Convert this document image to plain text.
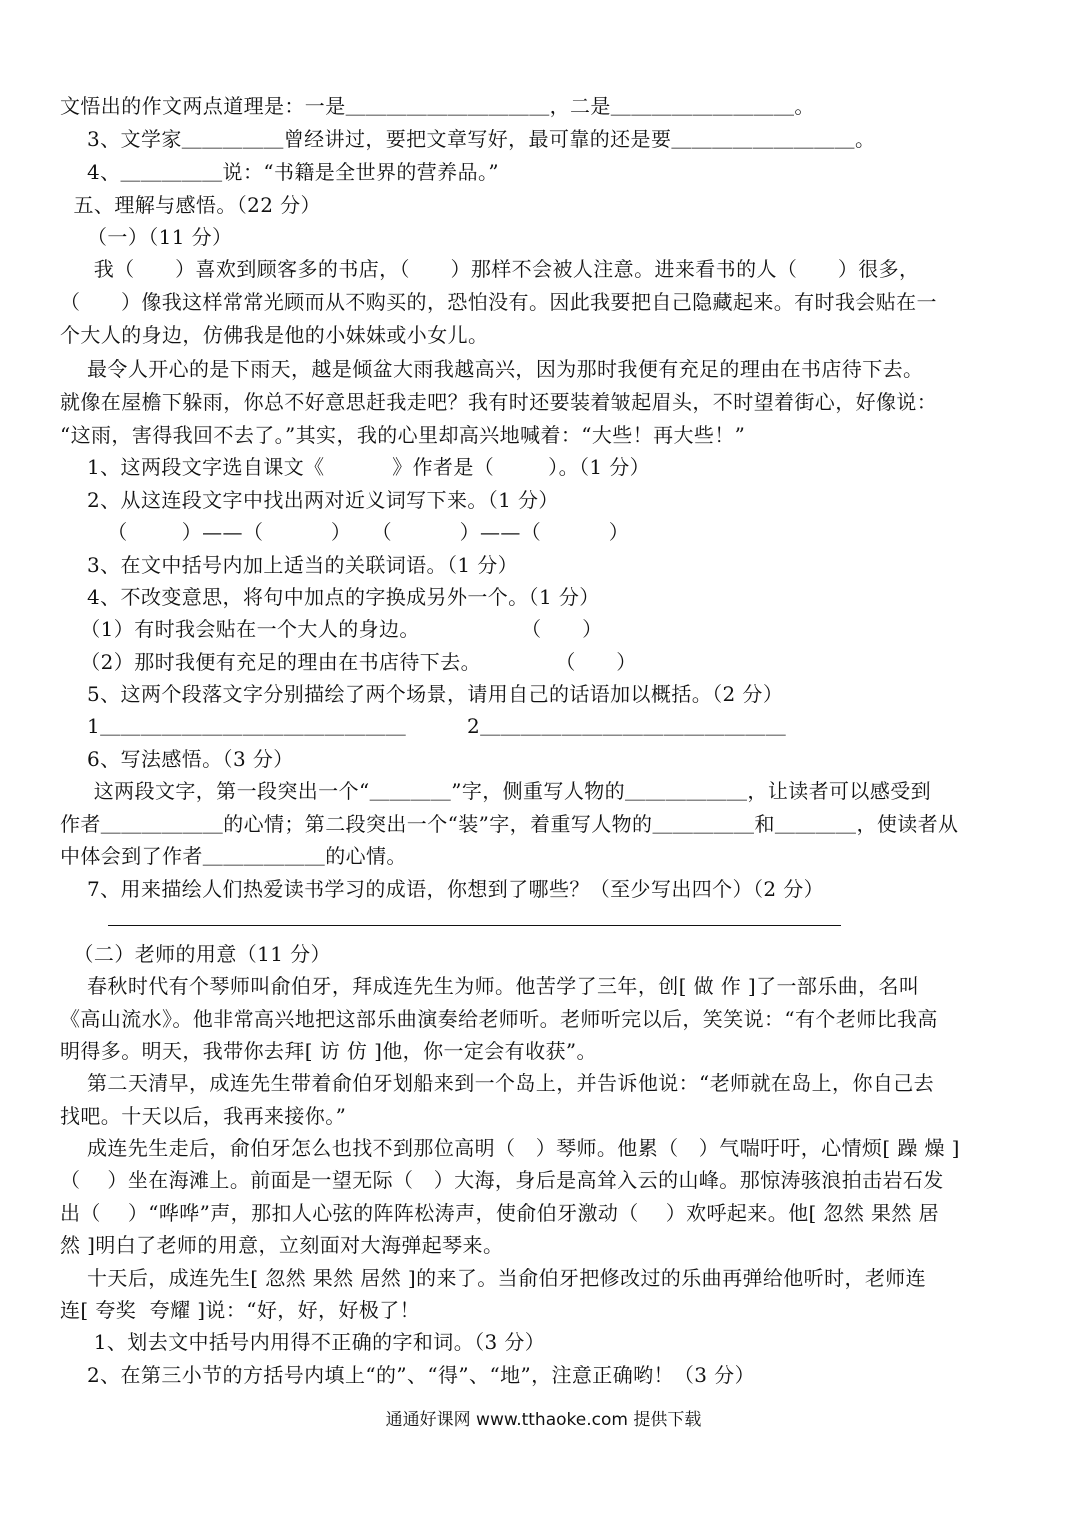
文悟出的作文两点道理是：一是＿＿＿＿＿＿＿＿＿＿，二是＿＿＿＿＿＿＿＿＿。
3、文学家＿＿＿＿＿曾经讲过，要把文章写好，最可靠的还是要＿＿＿＿＿＿＿＿＿。
4、＿＿＿＿＿说：“书籍是全世界的营养品。”
五、理解与感悟。（22 分）
（一）（11 分）
我（      ）喜欢到顾客多的书店，（      ）那样不会被人注意。进来看书的人（      ）很多，
（      ）像我这样常常光顾而从不购买的，恐怕没有。因此我要把自己隐藏起来。有时我会贴在一
个大人的身边，仿佛我是他的小妹妹或小女儿。
最令人开心的是下雨天，越是倾盆大雨我越高兴，因为那时我便有充足的理由在书店待下去。
就像在屋檐下躲雨，你总不好意思赶我走吧？我有时还要装着皱起眉头，不时望着街心，好像说：
“这雨，害得我回不去了。”其实，我的心里却高兴地喊着：“大些！再大些！”
1、这两段文字选自课文《          》作者是（        ）。（1 分）
2、从这连段文字中找出两对近义词写下来。（1 分）
（        ）——（          ）   （          ）——（          ）
3、在文中括号内加上适当的关联词语。（1 分）
4、不改变意思，将句中加点的字换成另外一个。（1 分）
（1）有时我会贴在一个大人的身边。               （      ）
（2）那时我便有充足的理由在书店待下去。           （      ）
5、这两个段落文字分别描绘了两个场景，请用自己的话语加以概括。（2 分）
1＿＿＿＿＿＿＿＿＿＿＿＿＿＿＿         2＿＿＿＿＿＿＿＿＿＿＿＿＿＿＿
6、写法感悟。（3 分）
这两段文字，第一段突出一个“＿＿＿＿”字，侧重写人物的＿＿＿＿＿＿，让读者可以感受到
作者＿＿＿＿＿＿的心情；第二段突出一个“装”字，着重写人物的＿＿＿＿＿和＿＿＿＿，使读者从
中体会到了作者＿＿＿＿＿＿的心情。
7、用来描绘人们热爱读书学习的成语，你想到了哪些？（至少写出四个）（2 分）
（二）老师的用意（11 分）
春秋时代有个琴师叫俞伯牙，拜成连先生为师。他苦学了三年，创[ 做 作 ]了一部乐曲，名叫
《高山流水》。他非常高兴地把这部乐曲演奏给老师听。老师听完以后，笑笑说：“有个老师比我高
明得多。明天，我带你去拜[ 访 仿 ]他，你一定会有收获”。
第二天清早，成连先生带着俞伯牙划船来到一个岛上，并告诉他说：“老师就在岛上，你自己去
找吧。十天以后，我再来接你。”
成连先生走后，俞伯牙怎么也找不到那位高明（   ）琴师。他累（   ）气喘吁吁，心情烦[ 躁 燥 ]
（    ）坐在海滩上。前面是一望无际（   ）大海，身后是高耸入云的山峰。那惊涛骇浪拍击岩石发
出（    ）“哗哗”声，那扣人心弦的阵阵松涛声，使俞伯牙激动（    ）欢呼起来。他[ 忽然 果然 居
然 ]明白了老师的用意，立刻面对大海弹起琴来。
十天后，成连先生[ 忽然 果然 居然 ]的来了。当俞伯牙把修改过的乐曲再弹给他听时，老师连
连[ 夸奖  夸耀 ]说：“好，好，好极了！
1、划去文中括号内用得不正确的字和词。（3 分）
2、在第三小节的方括号内填上“的”、“得”、“地”，注意正确哟！（3 分）
通通好课网 www.tthaoke.com 提供下载
